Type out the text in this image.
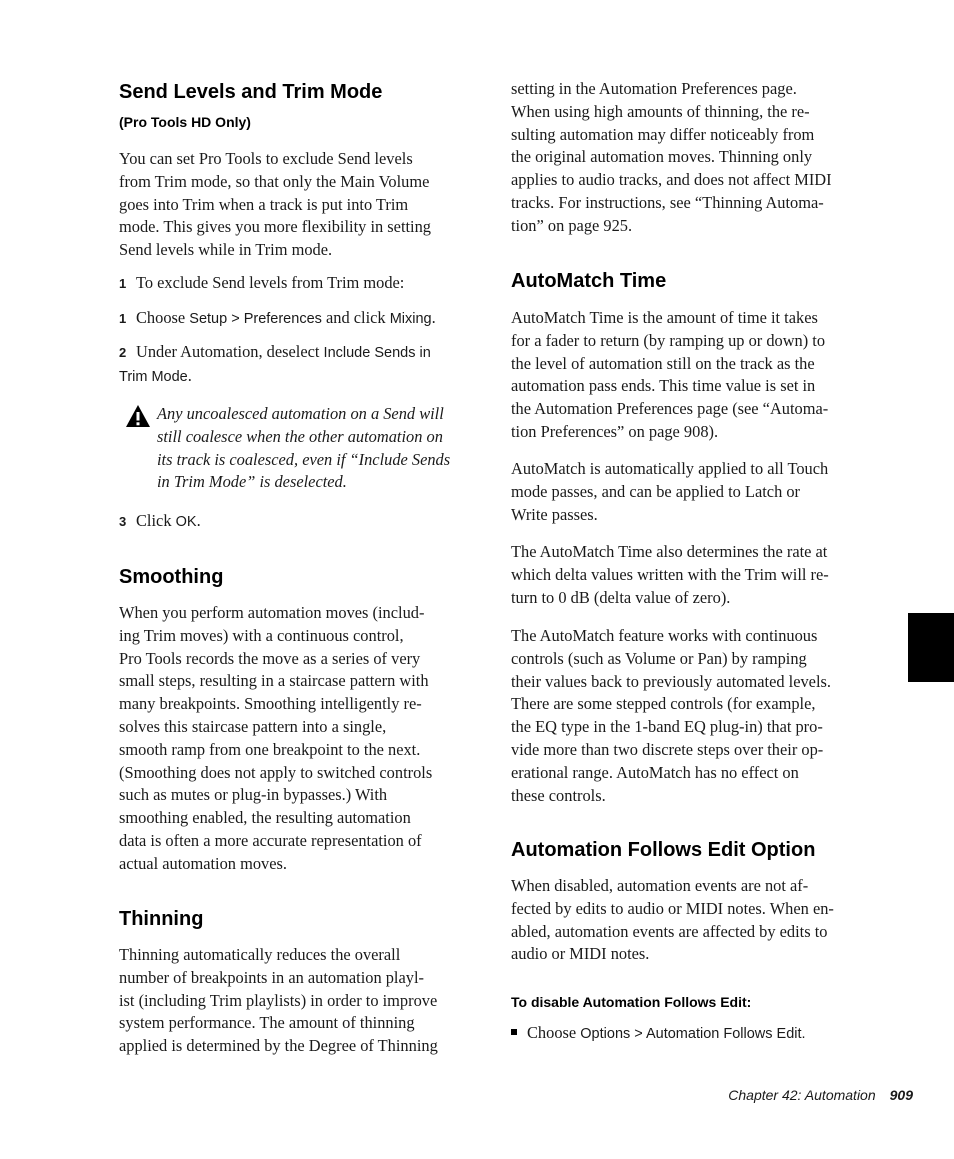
Send Levels and Trim Mode
(Pro Tools HD Only)
You can set Pro Tools to exclude Send levels
from Trim mode, so that only the Main Volume
goes into Trim when a track is put into Trim
mode. This gives you more flexibility in setting
Send levels while in Trim mode.
1 To exclude Send levels from Trim mode:
1 Choose Setup > Preferences and click Mixing.
2 Under Automation, deselect Include Sends in
Trim Mode.
Any uncoalesced automation on a Send will
still coalesce when the other automation on
its track is coalesced, even if “Include Sends
in Trim Mode” is deselected.
3 Click OK.
Smoothing
When you perform automation moves (includ-
ing Trim moves) with a continuous control,
Pro Tools records the move as a series of very
small steps, resulting in a staircase pattern with
many breakpoints. Smoothing intelligently re-
solves this staircase pattern into a single,
smooth ramp from one breakpoint to the next.
(Smoothing does not apply to switched controls
such as mutes or plug-in bypasses.) With
smoothing enabled, the resulting automation
data is often a more accurate representation of
actual automation moves.
Thinning
Thinning automatically reduces the overall
number of breakpoints in an automation playl-
ist (including Trim playlists) in order to improve
system performance. The amount of thinning
applied is determined by the Degree of Thinning
setting in the Automation Preferences page.
When using high amounts of thinning, the re-
sulting automation may differ noticeably from
the original automation moves. Thinning only
applies to audio tracks, and does not affect MIDI
tracks. For instructions, see “Thinning Automa-
tion” on page 925.
AutoMatch Time
AutoMatch Time is the amount of time it takes
for a fader to return (by ramping up or down) to
the level of automation still on the track as the
automation pass ends. This time value is set in
the Automation Preferences page (see “Automa-
tion Preferences” on page 908).
AutoMatch is automatically applied to all Touch
mode passes, and can be applied to Latch or
Write passes.
The AutoMatch Time also determines the rate at
which delta values written with the Trim will re-
turn to 0 dB (delta value of zero).
The AutoMatch feature works with continuous
controls (such as Volume or Pan) by ramping
their values back to previously automated levels.
There are some stepped controls (for example,
the EQ type in the 1-band EQ plug-in) that pro-
vide more than two discrete steps over their op-
erational range. AutoMatch has no effect on
these controls.
Automation Follows Edit Option
When disabled, automation events are not af-
fected by edits to audio or MIDI notes. When en-
abled, automation events are affected by edits to
audio or MIDI notes.
To disable Automation Follows Edit:
Choose Options > Automation Follows Edit.
Chapter 42: Automation 909
